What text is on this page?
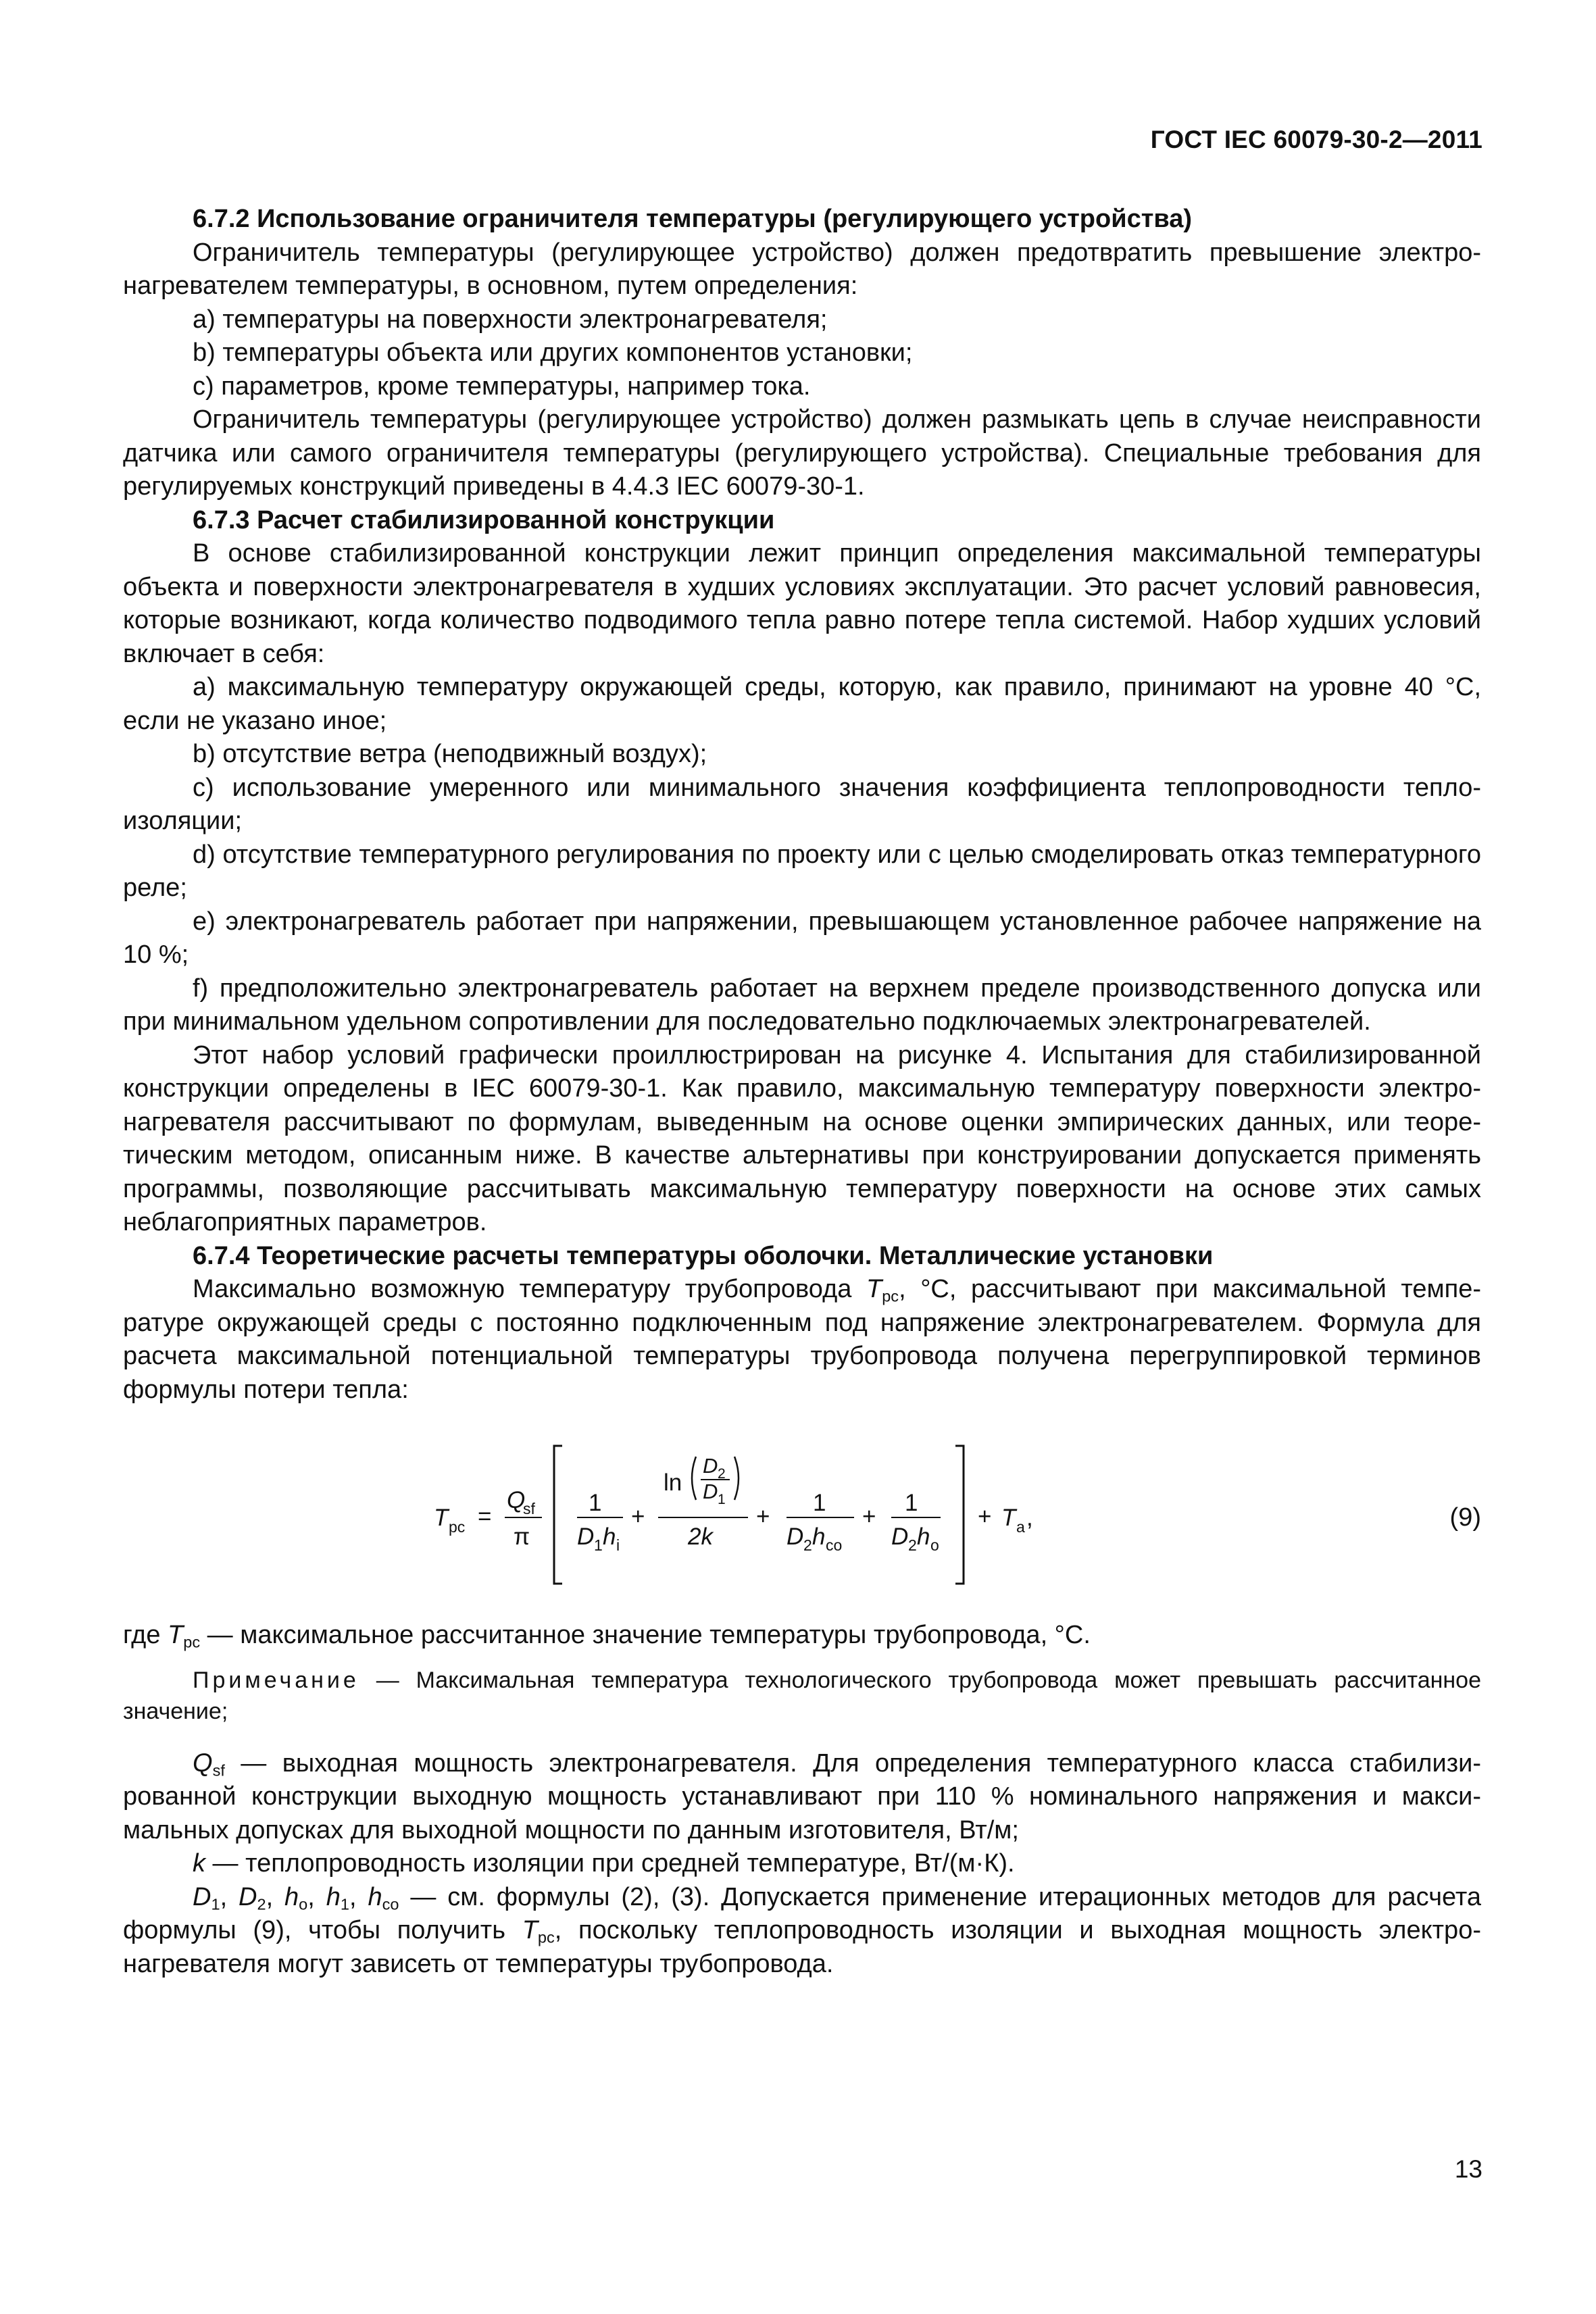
ГОСТ IEC 60079-30-2—2011

6.7.2 Использование ограничителя температуры (регулирующего устройства)

Ограничитель температуры (регулирующее устройство) должен предотвратить превышение электронагревателем температуры, в основном, путем определения:

а) температуры на поверхности электронагревателя;

b) температуры объекта или других компонентов установки;

с) параметров, кроме температуры, например тока.

Ограничитель температуры (регулирующее устройство) должен размыкать цепь в случае неисправности датчика или самого ограничителя температуры (регулирующего устройства). Специальные требования для регулируемых конструкций приведены в 4.4.3 IEC 60079-30-1.

6.7.3 Расчет стабилизированной конструкции

В основе стабилизированной конструкции лежит принцип определения максимальной температуры объекта и поверхности электронагревателя в худших условиях эксплуатации. Это расчет условий равновесия, которые возникают, когда количество подводимого тепла равно потере тепла системой. Набор худших условий включает в себя:

а) максимальную температуру окружающей среды, которую, как правило, принимают на уровне 40 °С, если не указано иное;

b) отсутствие ветра (неподвижный воздух);

с) использование умеренного или минимального значения коэффициента теплопроводности теплоизоляции;

d) отсутствие температурного регулирования по проекту или с целью смоделировать отказ температурного реле;

е) электронагреватель работает при напряжении, превышающем установленное рабочее напряжение на 10 %;

f) предположительно электронагреватель работает на верхнем пределе производственного допуска или при минимальном удельном сопротивлении для последовательно подключаемых электронагревателей.

Этот набор условий графически проиллюстрирован на рисунке 4. Испытания для стабилизированной конструкции определены в IEC 60079-30-1. Как правило, максимальную температуру поверхности электронагревателя рассчитывают по формулам, выведенным на основе оценки эмпирических данных, или теоретическим методом, описанным ниже. В качестве альтернативы при конструировании допускается применять программы, позволяющие рассчитывать максимальную температуру поверхности на основе этих самых неблагоприятных параметров.

6.7.4 Теоретические расчеты температуры оболочки. Металлические установки

Максимально возможную температуру трубопровода $T_{pc}$, °С, рассчитывают при максимальной температуре окружающей среды с постоянно подключенным под напряжение электронагревателем. Формула для расчета максимальной потенциальной температуры трубопровода получена перегруппировкой терминов формулы потери тепла:

T pc =
Q
sf
π
1
D 1 h i
+
ln
D 2
D 1
2k
+
1
D 2 h co
+
1
D 2 h o
+ T a ,	(9)

где $T_{pc}$ — максимальное рассчитанное значение температуры трубопровода, °С.

Примечание — Максимальная температура технологического трубопровода может превышать рассчитанное значение;

$Q_{sf}$ — выходная мощность электронагревателя. Для определения температурного класса стабилизированной конструкции выходную мощность устанавливают при 110 % номинального напряжения и максимальных допусках для выходной мощности по данным изготовителя, Вт/м;

k — теплопроводность изоляции при средней температуре, Вт/(м·К).

$D_1$, $D_2$, $h_o$, $h_1$, $h_{co}$ — см. формулы (2), (3). Допускается применение итерационных методов для расчета формулы (9), чтобы получить $T_{pc}$, поскольку теплопроводность изоляции и выходная мощность электронагревателя могут зависеть от температуры трубопровода.

13
